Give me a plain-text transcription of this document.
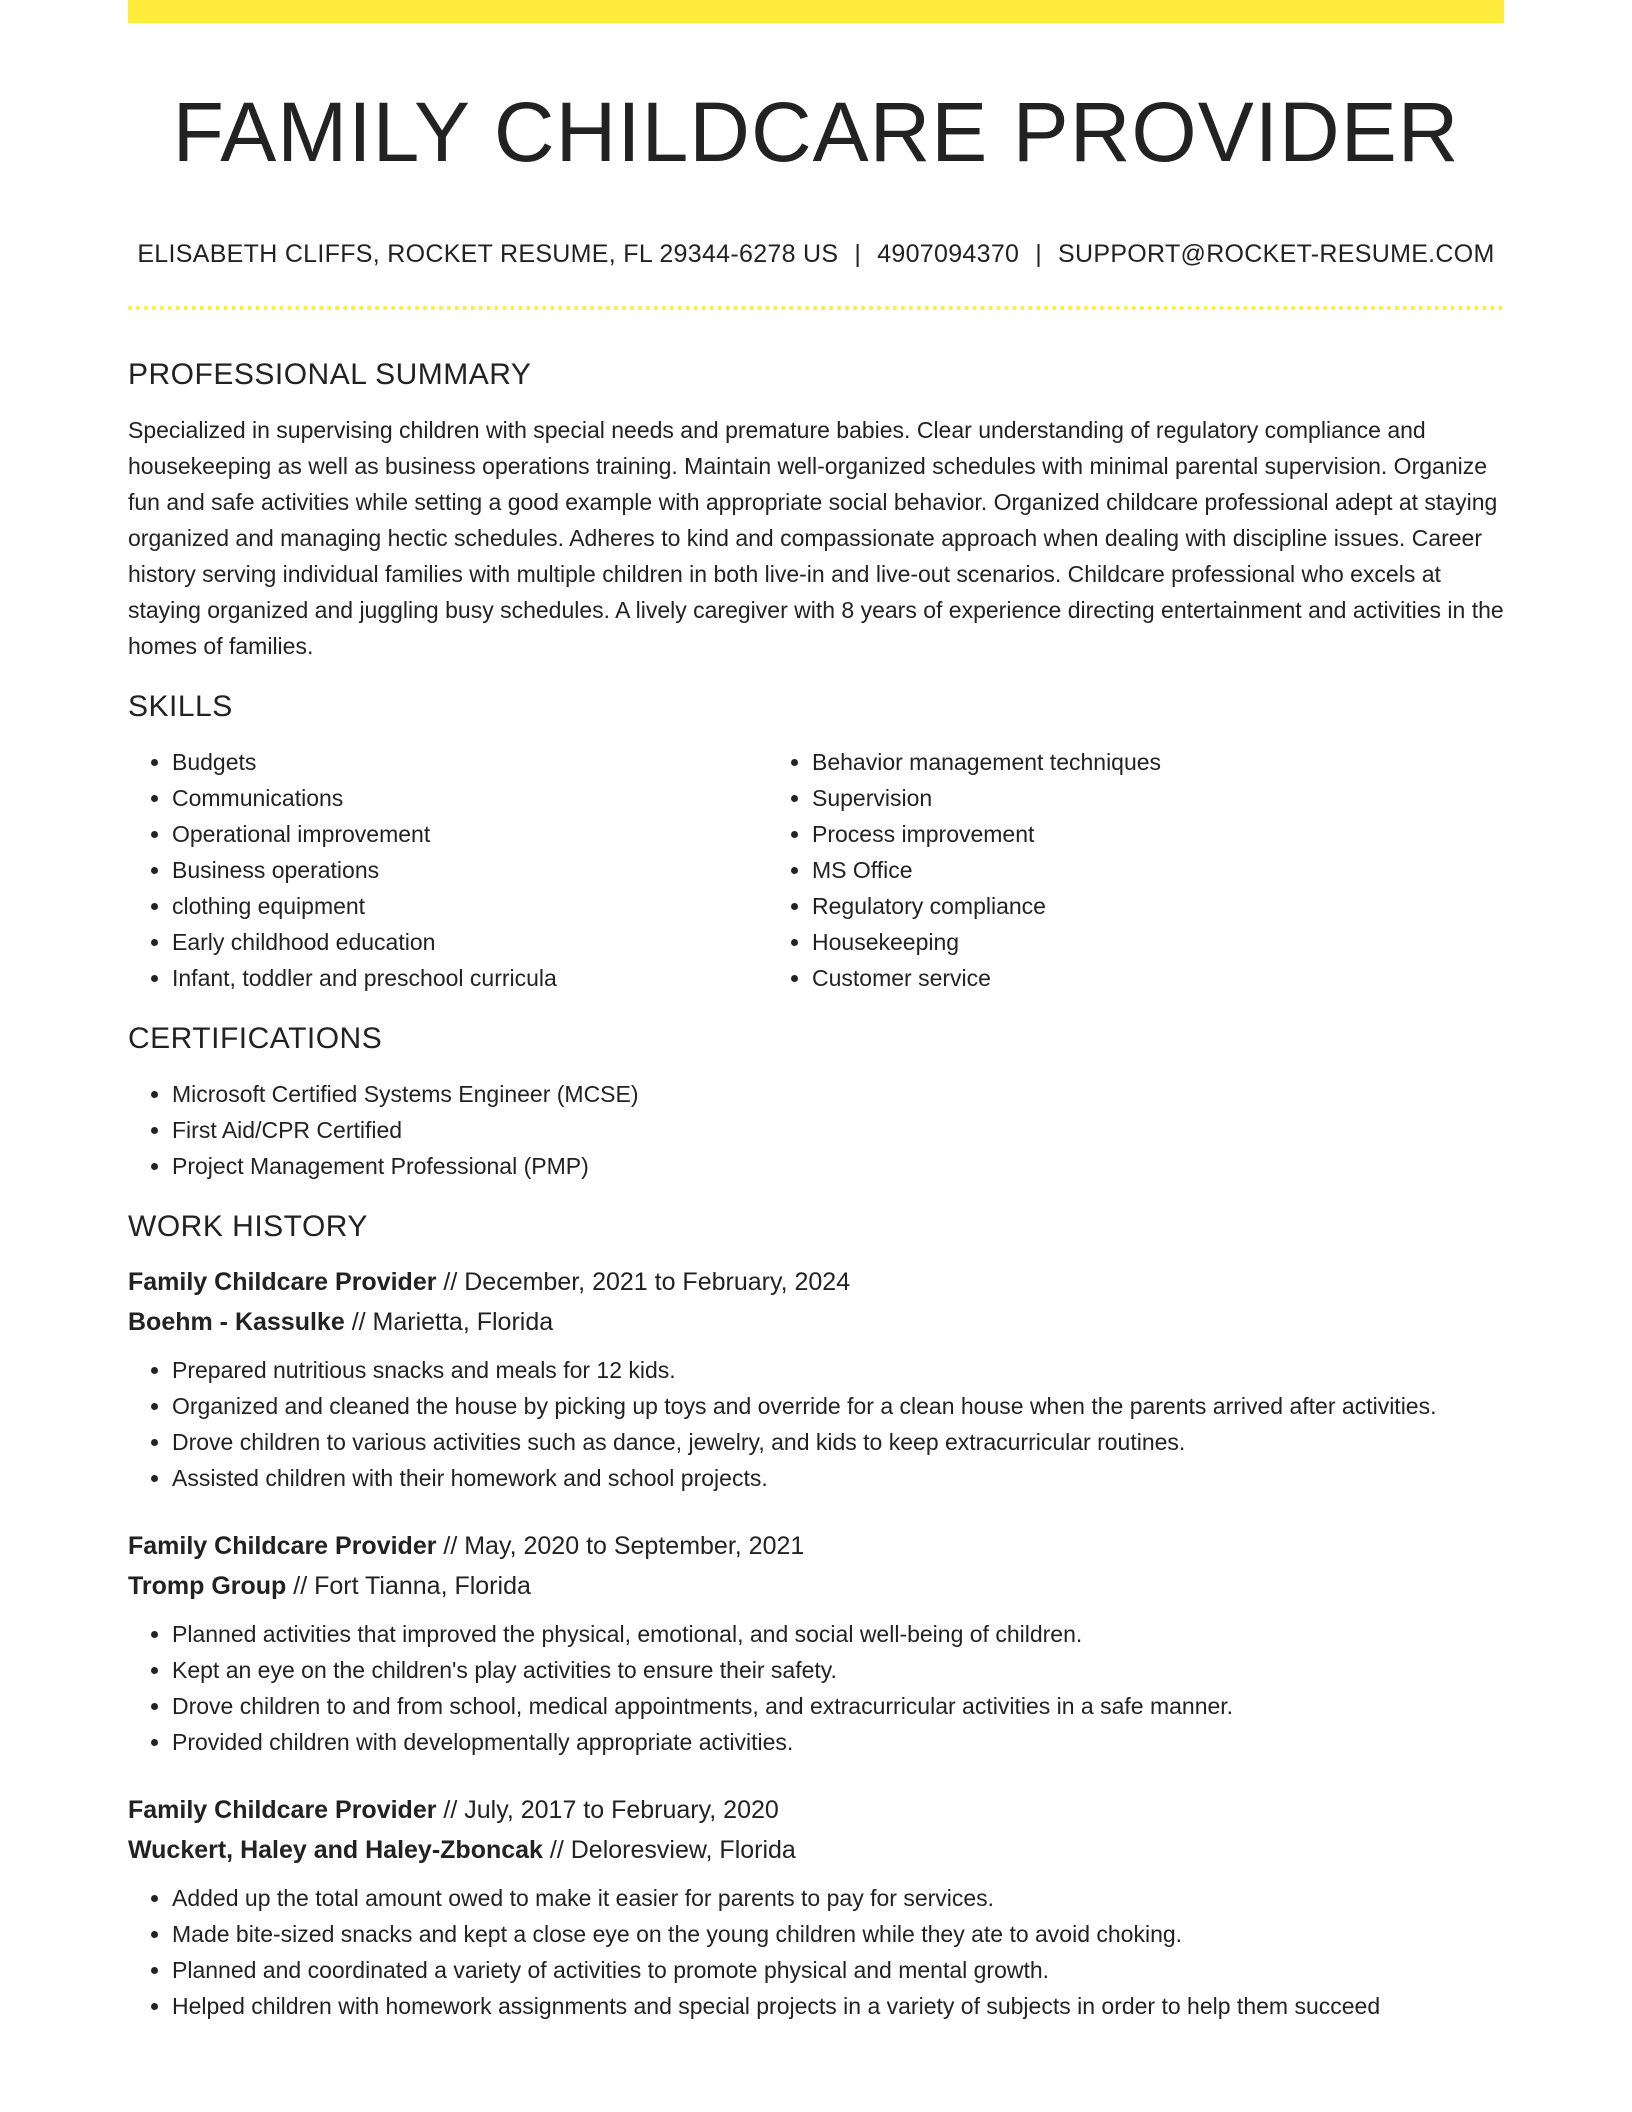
FAMILY CHILDCARE PROVIDER
ELISABETH CLIFFS, ROCKET RESUME, FL 29344-6278 US | 4907094370 | SUPPORT@ROCKET-RESUME.COM
PROFESSIONAL SUMMARY

Specialized in supervising children with special needs and premature babies. Clear understanding of regulatory compliance and housekeeping as well as business operations training. Maintain well-organized schedules with minimal parental supervision. Organize fun and safe activities while setting a good example with appropriate social behavior. Organized childcare professional adept at staying organized and managing hectic schedules. Adheres to kind and compassionate approach when dealing with discipline issues. Career history serving individual families with multiple children in both live-in and live-out scenarios. Childcare professional who excels at staying organized and juggling busy schedules. A lively caregiver with 8 years of experience directing entertainment and activities in the homes of families.

SKILLS
• Budgets
• Communications
• Operational improvement
• Business operations
• clothing equipment
• Early childhood education
• Infant, toddler and preschool curricula
• Behavior management techniques
• Supervision
• Process improvement
• MS Office
• Regulatory compliance
• Housekeeping
• Customer service
CERTIFICATIONS
• Microsoft Certified Systems Engineer (MCSE)
• First Aid/CPR Certified
• Project Management Professional (PMP)
WORK HISTORY
Family Childcare Provider // December, 2021 to February, 2024
Boehm - Kassulke // Marietta, Florida
• Prepared nutritious snacks and meals for 12 kids.
• Organized and cleaned the house by picking up toys and override for a clean house when the parents arrived after activities.
• Drove children to various activities such as dance, jewelry, and kids to keep extracurricular routines.
• Assisted children with their homework and school projects.
Family Childcare Provider // May, 2020 to September, 2021
Tromp Group // Fort Tianna, Florida
• Planned activities that improved the physical, emotional, and social well-being of children.
• Kept an eye on the children's play activities to ensure their safety.
• Drove children to and from school, medical appointments, and extracurricular activities in a safe manner.
• Provided children with developmentally appropriate activities.
Family Childcare Provider // July, 2017 to February, 2020
Wuckert, Haley and Haley-Zboncak // Deloresview, Florida
• Added up the total amount owed to make it easier for parents to pay for services.
• Made bite-sized snacks and kept a close eye on the young children while they ate to avoid choking.
• Planned and coordinated a variety of activities to promote physical and mental growth.
• Helped children with homework assignments and special projects in a variety of subjects in order to help them succeed
